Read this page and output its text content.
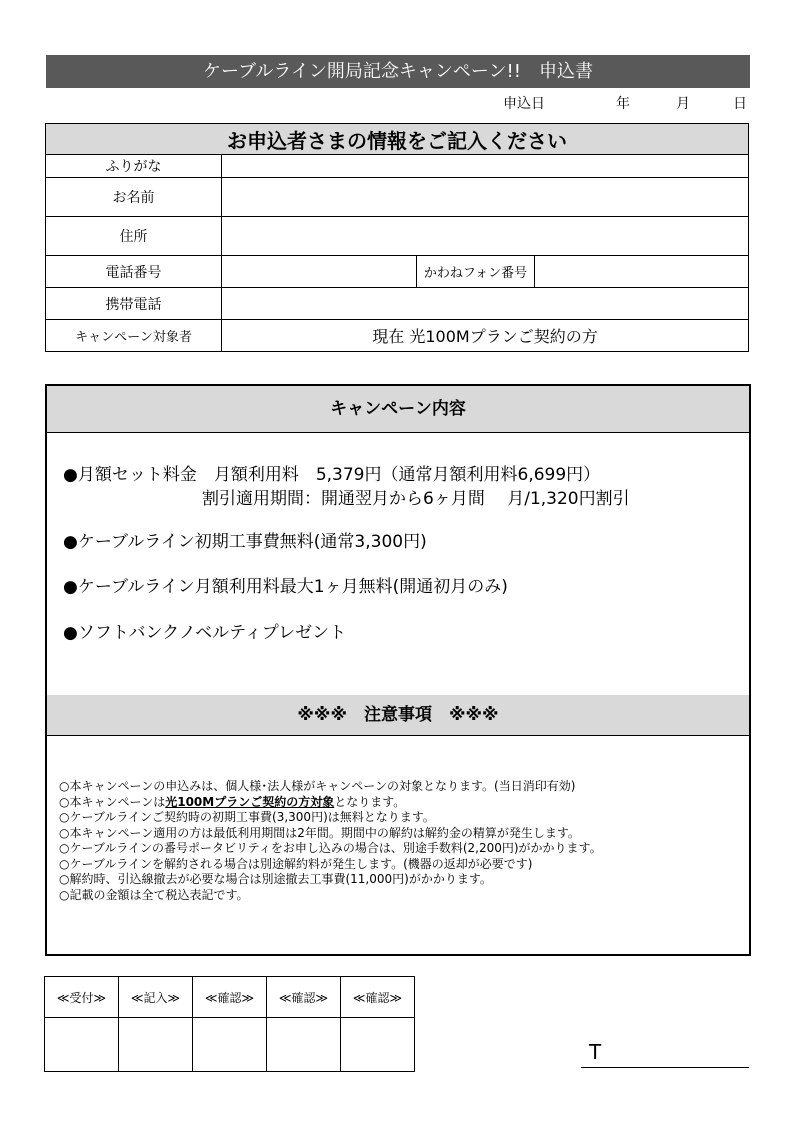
ケーブルライン開局記念キャンペーン!!　申込書
申込日	年	月	日
お申込者さまの情報をご記入ください			
ふりがな			
お名前			
住所			
電話番号		かわねフォン番号	
携帯電話			
キャンペーン対象者	現在 光100Mプランご契約の方		
キャンペーン内容
●月額セット料金　月額利用料　5,379円（通常月額利用料6,699円）
割引適用期間：開通翌月から6ヶ月間　 月/1,320円割引
●ケーブルライン初期工事費無料(通常3,300円)
●ケーブルライン月額利用料最大1ヶ月無料(開通初月のみ)
●ソフトバンクノベルティプレゼント
※※※　注意事項　※※※
○本キャンペーンの申込みは、個人様･法人様がキャンペーンの対象となります。(当日消印有効)
○本キャンペーンは光100Mプランご契約の方対象となります。
○ケーブルラインご契約時の初期工事費(3,300円)は無料となります。
○本キャンペーン適用の方は最低利用期間は2年間。期間中の解約は解約金の精算が発生します。
○ケーブルラインの番号ポータビリティをお申し込みの場合は、別途手数料(2,200円)がかかります。
○ケーブルラインを解約される場合は別途解約料が発生します。(機器の返却が必要です)
○解約時、引込線撤去が必要な場合は別途撤去工事費(11,000円)がかかります。
○記載の金額は全て税込表記です。
≪受付≫	≪記入≫	≪確認≫	≪確認≫	≪確認≫

T
